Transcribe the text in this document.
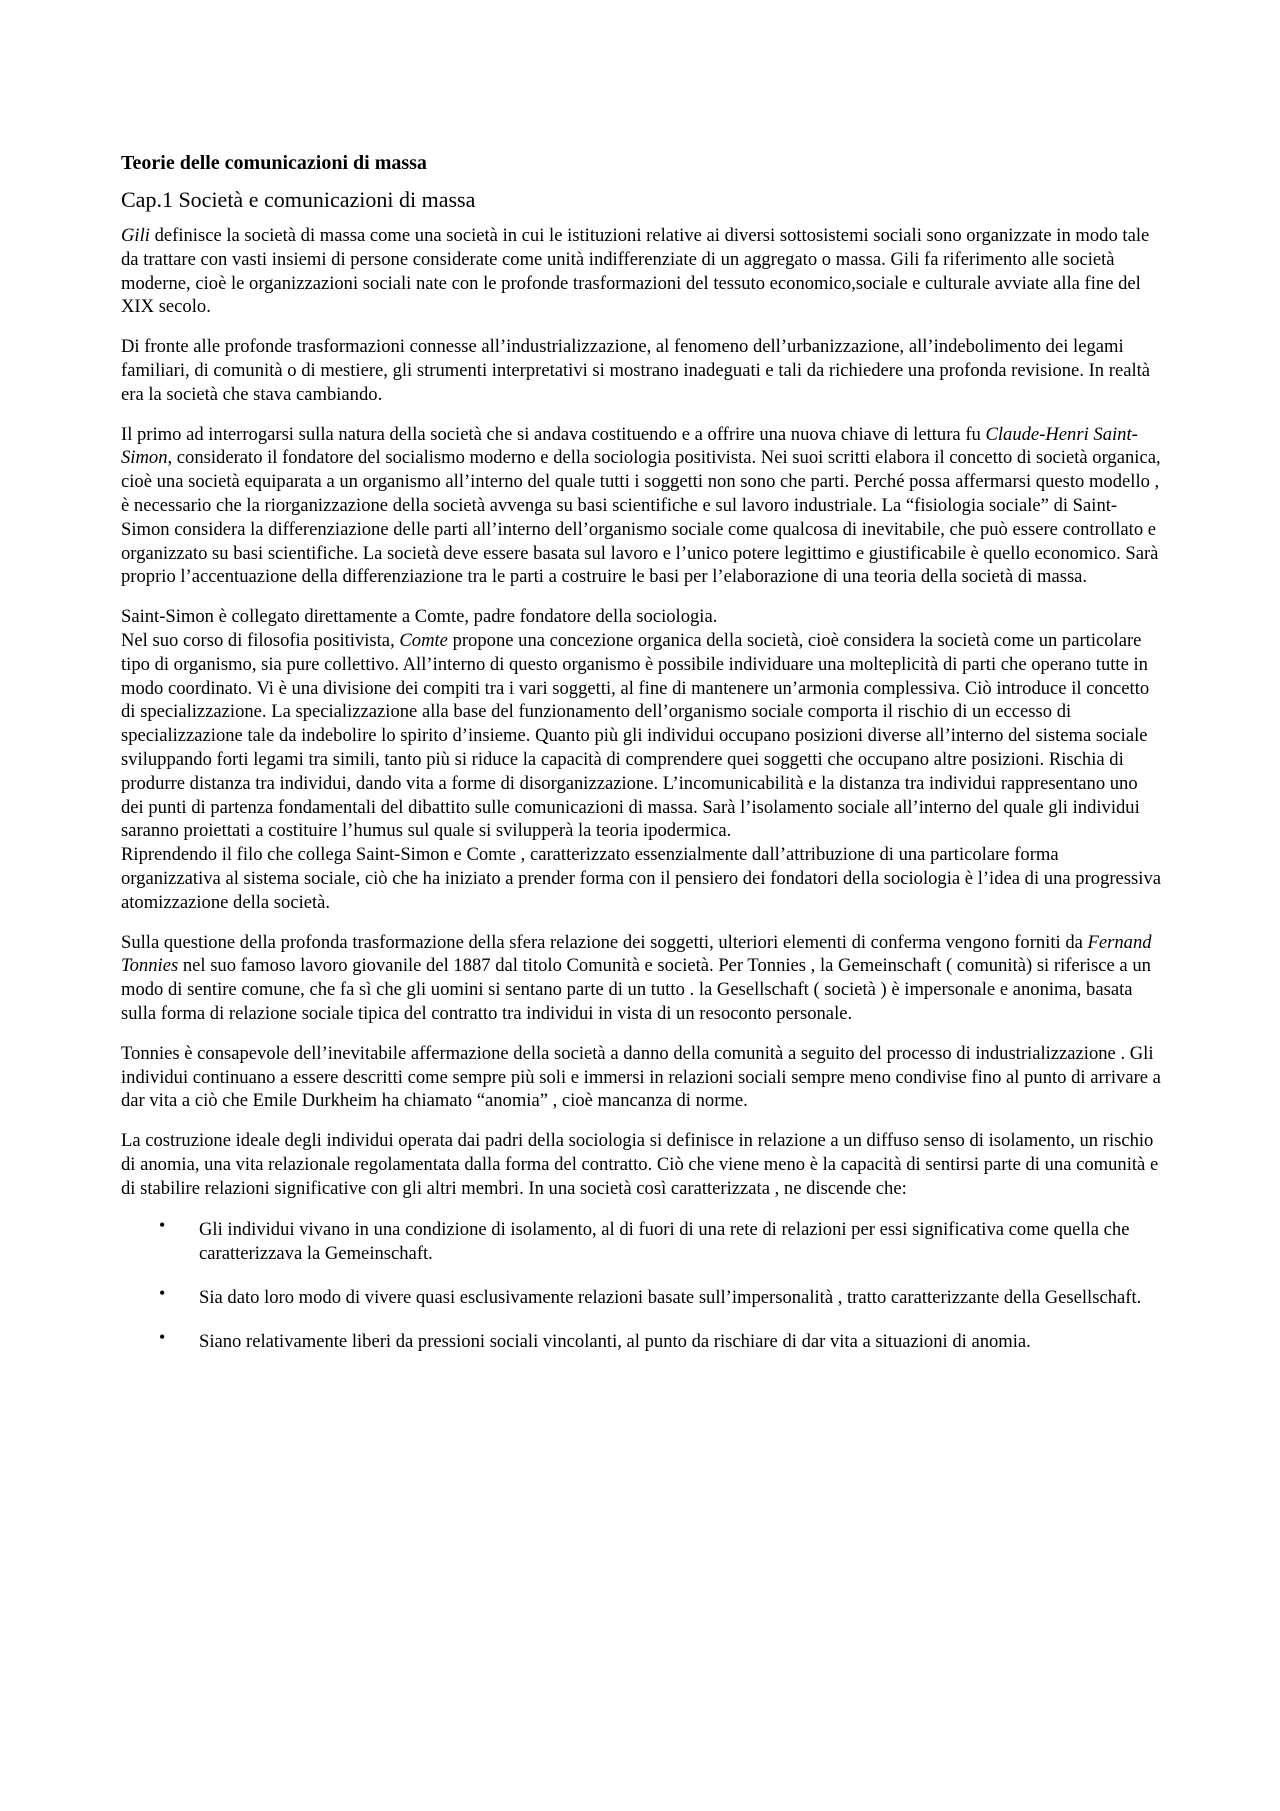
Teorie delle comunicazioni di massa
Cap.1 Società e comunicazioni di massa

Gili definisce la società di massa come una società in cui le istituzioni relative ai diversi sottosistemi sociali sono organizzate in modo tale da trattare con vasti insiemi di persone considerate come unità indifferenziate di un aggregato o massa. Gili fa riferimento alle società moderne, cioè le organizzazioni sociali nate con le profonde trasformazioni del tessuto economico,sociale e culturale avviate alla fine del XIX secolo.

Di fronte alle profonde trasformazioni connesse all’industrializzazione, al fenomeno dell’urbanizzazione, all’indebolimento dei legami familiari, di comunità o di mestiere, gli strumenti interpretativi si mostrano inadeguati e tali da richiedere una profonda revisione. In realtà era la società che stava cambiando.

Il primo ad interrogarsi sulla natura della società che si andava costituendo e a offrire una nuova chiave di lettura fu Claude-Henri Saint-Simon, considerato il fondatore del socialismo moderno e della sociologia positivista. Nei suoi scritti elabora il concetto di società organica, cioè una società equiparata a un organismo all’interno del quale tutti i soggetti non sono che parti. Perché possa affermarsi questo modello , è necessario che la riorganizzazione della società avvenga su basi scientifiche e sul lavoro industriale. La “fisiologia sociale” di Saint-Simon considera la differenziazione delle parti all’interno dell’organismo sociale come qualcosa di inevitabile, che può essere controllato e organizzato su basi scientifiche. La società deve essere basata sul lavoro e l’unico potere legittimo e giustificabile è quello economico. Sarà proprio l’accentuazione della differenziazione tra le parti a costruire le basi per l’elaborazione di una teoria della società di massa.

Saint-Simon è collegato direttamente a Comte, padre fondatore della sociologia.

Nel suo corso di filosofia positivista, Comte propone una concezione organica della società, cioè considera la società come un particolare tipo di organismo, sia pure collettivo. All’interno di questo organismo è possibile individuare una molteplicità di parti che operano tutte in modo coordinato. Vi è una divisione dei compiti tra i vari soggetti, al fine di mantenere un’armonia complessiva. Ciò introduce il concetto di specializzazione. La specializzazione alla base del funzionamento dell’organismo sociale comporta il rischio di un eccesso di specializzazione tale da indebolire lo spirito d’insieme. Quanto più gli individui occupano posizioni diverse all’interno del sistema sociale sviluppando forti legami tra simili, tanto più si riduce la capacità di comprendere quei soggetti che occupano altre posizioni. Rischia di produrre distanza tra individui, dando vita a forme di disorganizzazione. L’incomunicabilità e la distanza tra individui rappresentano uno dei punti di partenza fondamentali del dibattito sulle comunicazioni di massa. Sarà l’isolamento sociale all’interno del quale gli individui saranno proiettati a costituire l’humus sul quale si svilupperà la teoria ipodermica.

Riprendendo il filo che collega Saint-Simon e Comte , caratterizzato essenzialmente dall’attribuzione di una particolare forma organizzativa al sistema sociale, ciò che ha iniziato a prender forma con il pensiero dei fondatori della sociologia è l’idea di una progressiva atomizzazione della società.

Sulla questione della profonda trasformazione della sfera relazione dei soggetti, ulteriori elementi di conferma vengono forniti da Fernand Tonnies nel suo famoso lavoro giovanile del 1887 dal titolo Comunità e società. Per Tonnies , la Gemeinschaft ( comunità) si riferisce a un modo di sentire comune, che fa sì che gli uomini si sentano parte di un tutto . la Gesellschaft ( società ) è impersonale e anonima, basata sulla forma di relazione sociale tipica del contratto tra individui in vista di un resoconto personale.

Tonnies è consapevole dell’inevitabile affermazione della società a danno della comunità a seguito del processo di industrializzazione . Gli individui continuano a essere descritti come sempre più soli e immersi in relazioni sociali sempre meno condivise fino al punto di arrivare a dar vita a ciò che Emile Durkheim ha chiamato “anomia” , cioè mancanza di norme.

La costruzione ideale degli individui operata dai padri della sociologia si definisce in relazione a un diffuso senso di isolamento, un rischio di anomia, una vita relazionale regolamentata dalla forma del contratto. Ciò che viene meno è la capacità di sentirsi parte di una comunità e di stabilire relazioni significative con gli altri membri. In una società così caratterizzata , ne discende che:

• Gli individui vivano in una condizione di isolamento, al di fuori di una rete di relazioni per essi significativa come quella che caratterizzava la Gemeinschaft.
• Sia dato loro modo di vivere quasi esclusivamente relazioni basate sull’impersonalità , tratto caratterizzante della Gesellschaft.
• Siano relativamente liberi da pressioni sociali vincolanti, al punto da rischiare di dar vita a situazioni di anomia.
